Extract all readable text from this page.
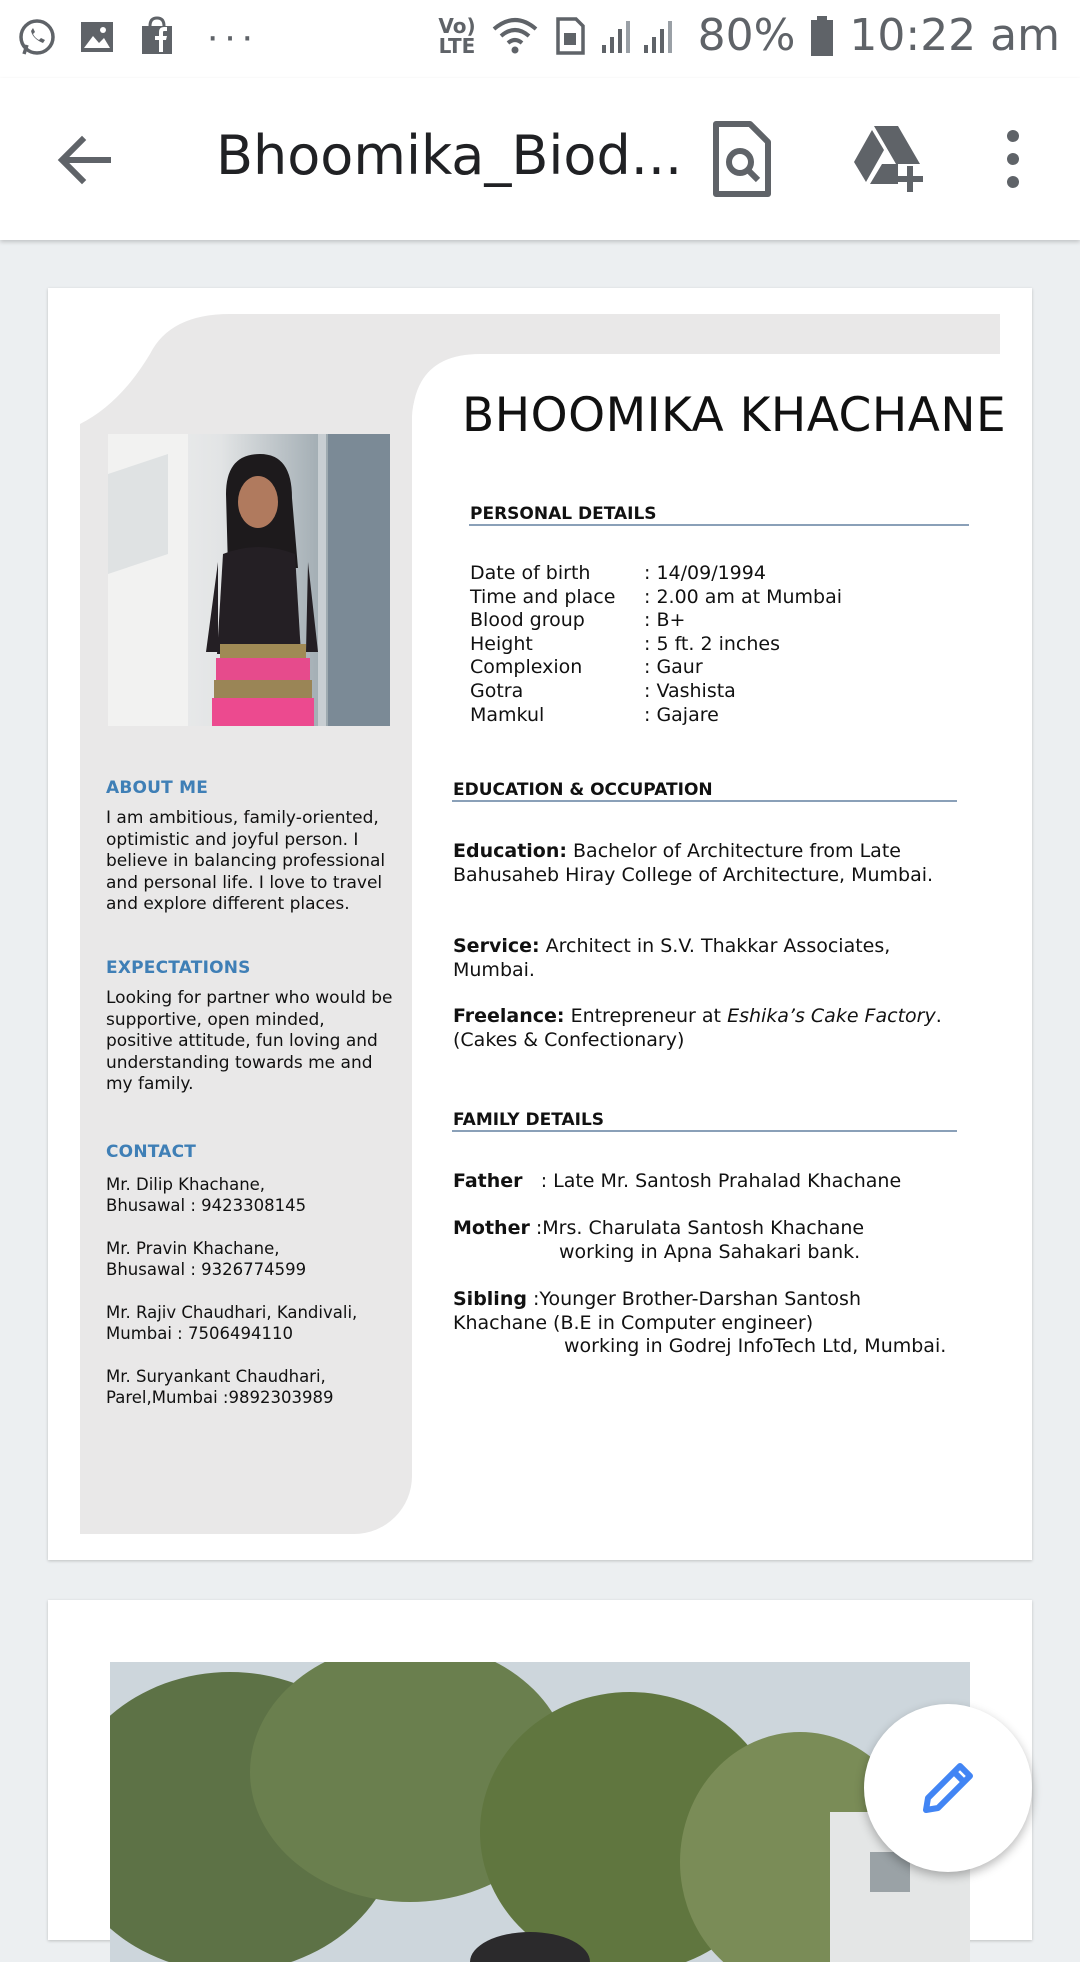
···	Vo)
LTE	80% 10:22 am
Bhoomika_Biod...
ABOUT ME
I am ambitious, family-oriented, optimistic and joyful person. I believe in balancing professional and personal life. I love to travel and explore different places.
EXPECTATIONS
Looking for partner who would be supportive, open minded, positive attitude, fun loving and understanding towards me and my family.
CONTACT
Mr. Dilip Khachane,
Bhusawal : 9423308145
Mr. Pravin Khachane,
Bhusawal : 9326774599
Mr. Rajiv Chaudhari, Kandivali,
Mumbai : 7506494110
Mr. Suryankant Chaudhari,
Parel,Mumbai :9892303989
BHOOMIKA KHACHANE
PERSONAL DETAILS
Date of birth	: 14/09/1994
Time and place	: 2.00 am at Mumbai
Blood group	: B+
Height	: 5 ft. 2 inches
Complexion	: Gaur
Gotra	: Vashista
Mamkul	: Gajare
EDUCATION & OCCUPATION
Education: Bachelor of Architecture from Late Bahusaheb Hiray College of Architecture, Mumbai.
Service: Architect in S.V. Thakkar Associates, Mumbai.
Freelance: Entrepreneur at Eshika’s Cake Factory.
(Cakes & Confectionary)
FAMILY DETAILS
Father : Late Mr. Santosh Prahalad Khachane
Mother :Mrs. Charulata Santosh Khachane
working in Apna Sahakari bank.
Sibling :Younger Brother-Darshan Santosh Khachane (B.E in Computer engineer)
working in Godrej InfoTech Ltd, Mumbai.
